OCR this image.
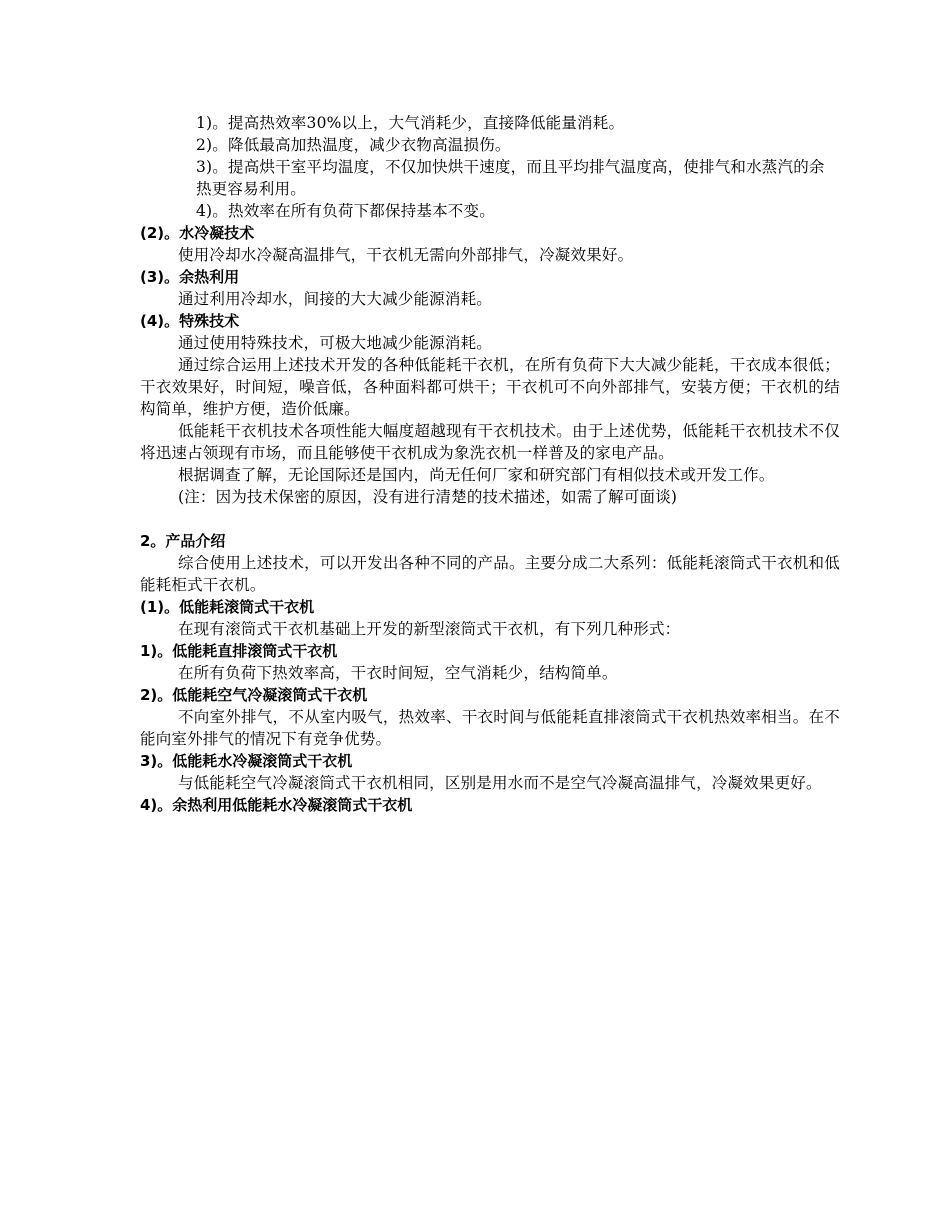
1)。提高热效率30%以上，大气消耗少，直接降低能量消耗。

2)。降低最高加热温度，减少衣物高温损伤。

3)。提高烘干室平均温度，不仅加快烘干速度，而且平均排气温度高，使排气和水蒸汽的余热更容易利用。

4)。热效率在所有负荷下都保持基本不变。

(2)。水冷凝技术

使用冷却水冷凝高温排气，干衣机无需向外部排气，冷凝效果好。

(3)。余热利用

通过利用冷却水，间接的大大减少能源消耗。

(4)。特殊技术

通过使用特殊技术，可极大地减少能源消耗。

通过综合运用上述技术开发的各种低能耗干衣机，在所有负荷下大大减少能耗，干衣成本很低；干衣效果好，时间短，噪音低，各种面料都可烘干；干衣机可不向外部排气，安装方便；干衣机的结构简单，维护方便，造价低廉。

低能耗干衣机技术各项性能大幅度超越现有干衣机技术。由于上述优势，低能耗干衣机技术不仅将迅速占领现有市场，而且能够使干衣机成为象洗衣机一样普及的家电产品。

根据调查了解，无论国际还是国内，尚无任何厂家和研究部门有相似技术或开发工作。

(注：因为技术保密的原因，没有进行清楚的技术描述，如需了解可面谈)

2。产品介绍

综合使用上述技术，可以开发出各种不同的产品。主要分成二大系列：低能耗滚筒式干衣机和低能耗柜式干衣机。

(1)。低能耗滚筒式干衣机

在现有滚筒式干衣机基础上开发的新型滚筒式干衣机，有下列几种形式：

1)。低能耗直排滚筒式干衣机

在所有负荷下热效率高，干衣时间短，空气消耗少，结构简单。

2)。低能耗空气冷凝滚筒式干衣机

不向室外排气，不从室内吸气，热效率、干衣时间与低能耗直排滚筒式干衣机热效率相当。在不能向室外排气的情况下有竞争优势。

3)。低能耗水冷凝滚筒式干衣机

与低能耗空气冷凝滚筒式干衣机相同，区别是用水而不是空气冷凝高温排气，冷凝效果更好。

4)。余热利用低能耗水冷凝滚筒式干衣机
